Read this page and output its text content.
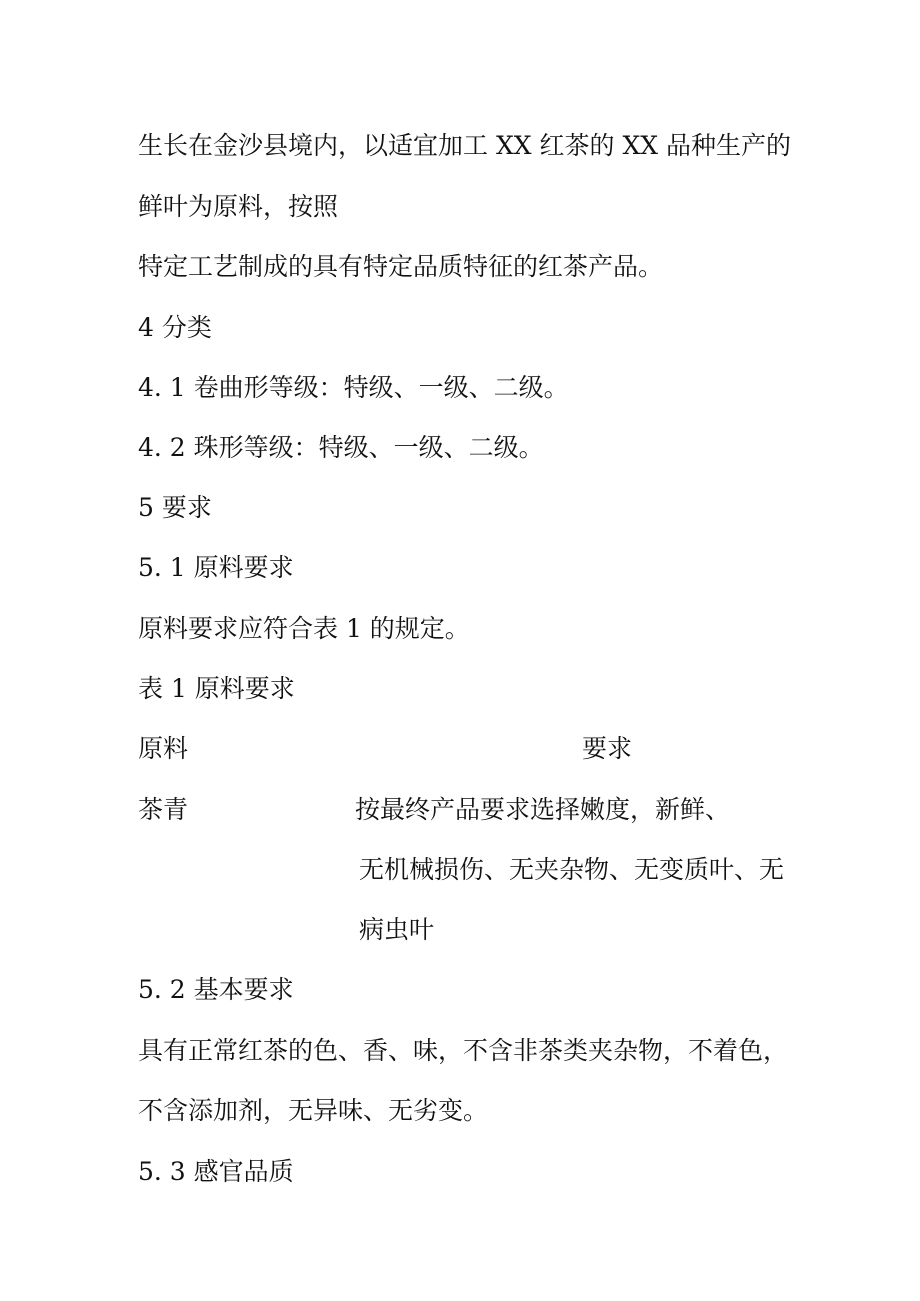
生长在金沙县境内，以适宜加工 XX 红茶的 XX 品种生产的

鲜叶为原料，按照

特定工艺制成的具有特定品质特征的红茶产品。

4 分类

4. 1 卷曲形等级：特级、一级、二级。

4. 2 珠形等级：特级、一级、二级。

5 要求

5. 1 原料要求

原料要求应符合表 1 的规定。

表 1 原料要求

原料	要求

茶青	按最终产品要求选择嫩度，新鲜、

无机械损伤、无夹杂物、无变质叶、无

病虫叶

5. 2 基本要求

具有正常红茶的色、香、味，不含非茶类夹杂物，不着色，

不含添加剂，无异味、无劣变。

5. 3 感官品质
